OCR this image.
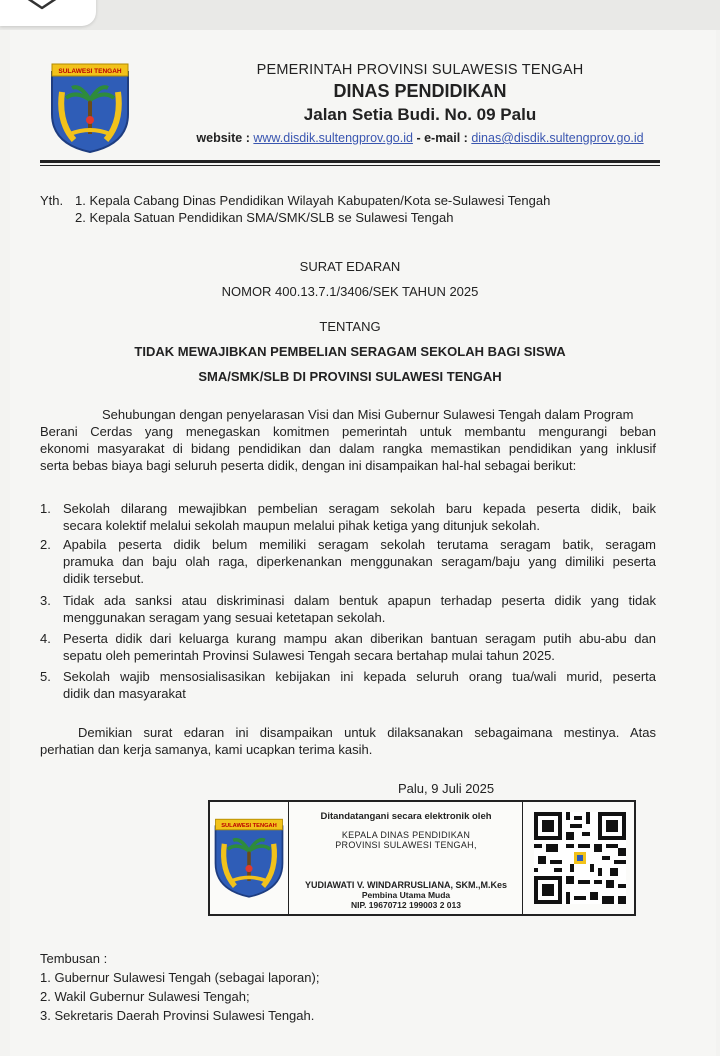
SULAWESI TENGAH	PEMERINTAH PROVINSI SULAWESIS TENGAH
DINAS PENDIDIKAN
Jalan Setia Budi. No. 09 Palu
website : www.disdik.sultengprov.go.id - e-mail : dinas@disdik.sultengprov.go.id
Yth. 1. Kepala Cabang Dinas Pendidikan Wilayah Kabupaten/Kota se-Sulawesi Tengah
2. Kepala Satuan Pendidikan SMA/SMK/SLB se Sulawesi Tengah
SURAT EDARAN
NOMOR 400.13.7.1/3406/SEK TAHUN 2025
TENTANG
TIDAK MEWAJIBKAN PEMBELIAN SERAGAM SEKOLAH BAGI SISWA
SMA/SMK/SLB DI PROVINSI SULAWESI TENGAH
Sehubungan dengan penyelarasan Visi dan Misi Gubernur Sulawesi Tengah dalam Program
Berani Cerdas yang menegaskan komitmen pemerintah untuk membantu mengurangi beban
ekonomi masyarakat di bidang pendidikan dan dalam rangka memastikan pendidikan yang inklusif
serta bebas biaya bagi seluruh peserta didik, dengan ini disampaikan hal-hal sebagai berikut:
1. Sekolah dilarang mewajibkan pembelian seragam sekolah baru kepada peserta didik, baik
secara kolektif melalui sekolah maupun melalui pihak ketiga yang ditunjuk sekolah.
2. Apabila peserta didik belum memiliki seragam sekolah terutama seragam batik, seragam
pramuka dan baju olah raga, diperkenankan menggunakan seragam/baju yang dimiliki peserta
didik tersebut.
3. Tidak ada sanksi atau diskriminasi dalam bentuk apapun terhadap peserta didik yang tidak
menggunakan seragam yang sesuai ketetapan sekolah.
4. Peserta didik dari keluarga kurang mampu akan diberikan bantuan seragam putih abu-abu dan
sepatu oleh pemerintah Provinsi Sulawesi Tengah secara bertahap mulai tahun 2025.
5. Sekolah wajib mensosialisasikan kebijakan ini kepada seluruh orang tua/wali murid, peserta
didik dan masyarakat
Demikian surat edaran ini disampaikan untuk dilaksanakan sebagaimana mestinya. Atas
perhatian dan kerja samanya, kami ucapkan terima kasih.
Palu, 9 Juli 2025
SULAWESI TENGAH
Ditandatangani secara elektronik oleh
KEPALA DINAS PENDIDIKAN
PROVINSI SULAWESI TENGAH,
YUDIAWATI V. WINDARRUSLIANA, SKM.,M.Kes
Pembina Utama Muda
NIP. 19670712 199003 2 013
Tembusan :
1. Gubernur Sulawesi Tengah (sebagai laporan);
2. Wakil Gubernur Sulawesi Tengah;
3. Sekretaris Daerah Provinsi Sulawesi Tengah.
